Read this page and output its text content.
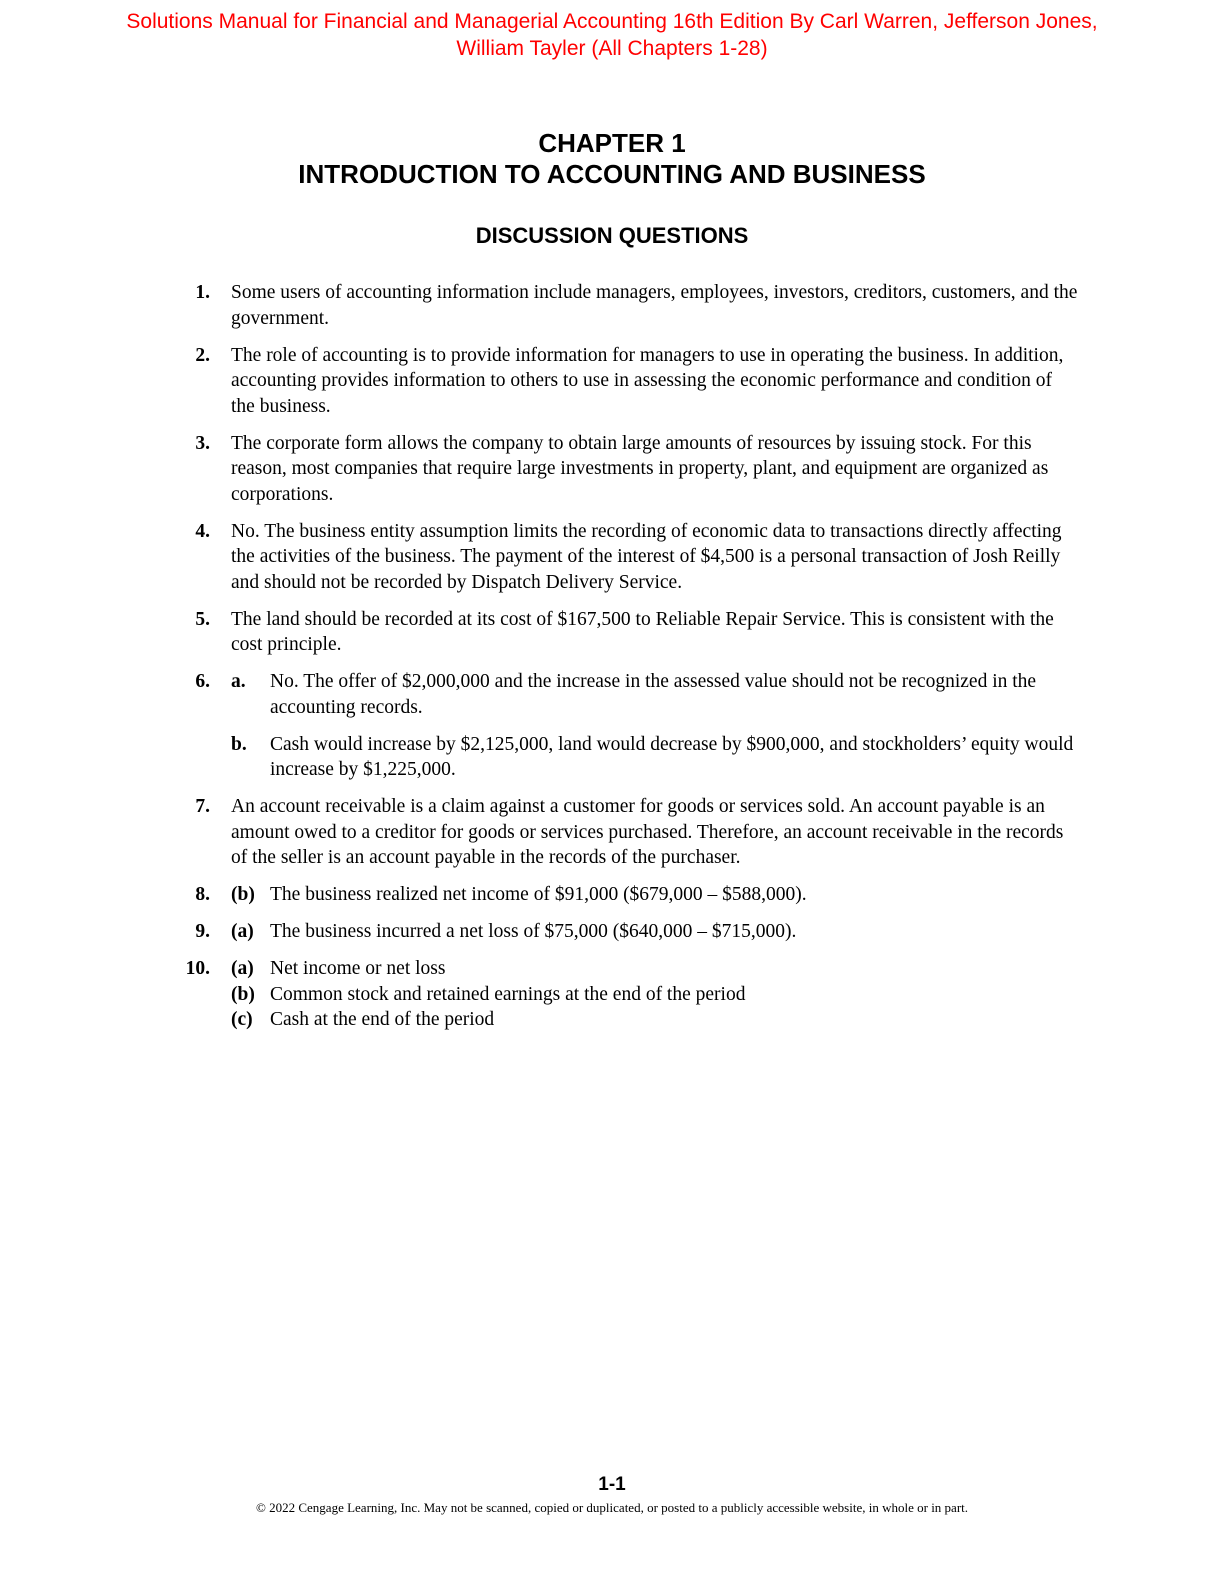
Solutions Manual for Financial and Managerial Accounting 16th Edition By Carl Warren, Jefferson Jones,
William Tayler (All Chapters 1-28)
CHAPTER 1
INTRODUCTION TO ACCOUNTING AND BUSINESS
DISCUSSION QUESTIONS
1. Some users of accounting information include managers, employees, investors, creditors, customers, and the government.
2. The role of accounting is to provide information for managers to use in operating the business. In addition, accounting provides information to others to use in assessing the economic performance and condition of the business.
3. The corporate form allows the company to obtain large amounts of resources by issuing stock. For this reason, most companies that require large investments in property, plant, and equipment are organized as corporations.
4. No. The business entity assumption limits the recording of economic data to transactions directly affecting the activities of the business. The payment of the interest of $4,500 is a personal transaction of Josh Reilly and should not be recorded by Dispatch Delivery Service.
5. The land should be recorded at its cost of $167,500 to Reliable Repair Service. This is consistent with the cost principle.
6. a.	No. The offer of $2,000,000 and the increase in the assessed value should not be recognized in the accounting records.
b.	Cash would increase by $2,125,000, land would decrease by $900,000, and stockholders’ equity would increase by $1,225,000.
7. An account receivable is a claim against a customer for goods or services sold. An account payable is an amount owed to a creditor for goods or services purchased. Therefore, an account receivable in the records of the seller is an account payable in the records of the purchaser.
8. (b) The business realized net income of $91,000 ($679,000 – $588,000).
9. (a) The business incurred a net loss of $75,000 ($640,000 – $715,000).
10. (a) Net income or net loss
(b) Common stock and retained earnings at the end of the period
(c) Cash at the end of the period
1-1
© 2022 Cengage Learning, Inc. May not be scanned, copied or duplicated, or posted to a publicly accessible website, in whole or in part.
